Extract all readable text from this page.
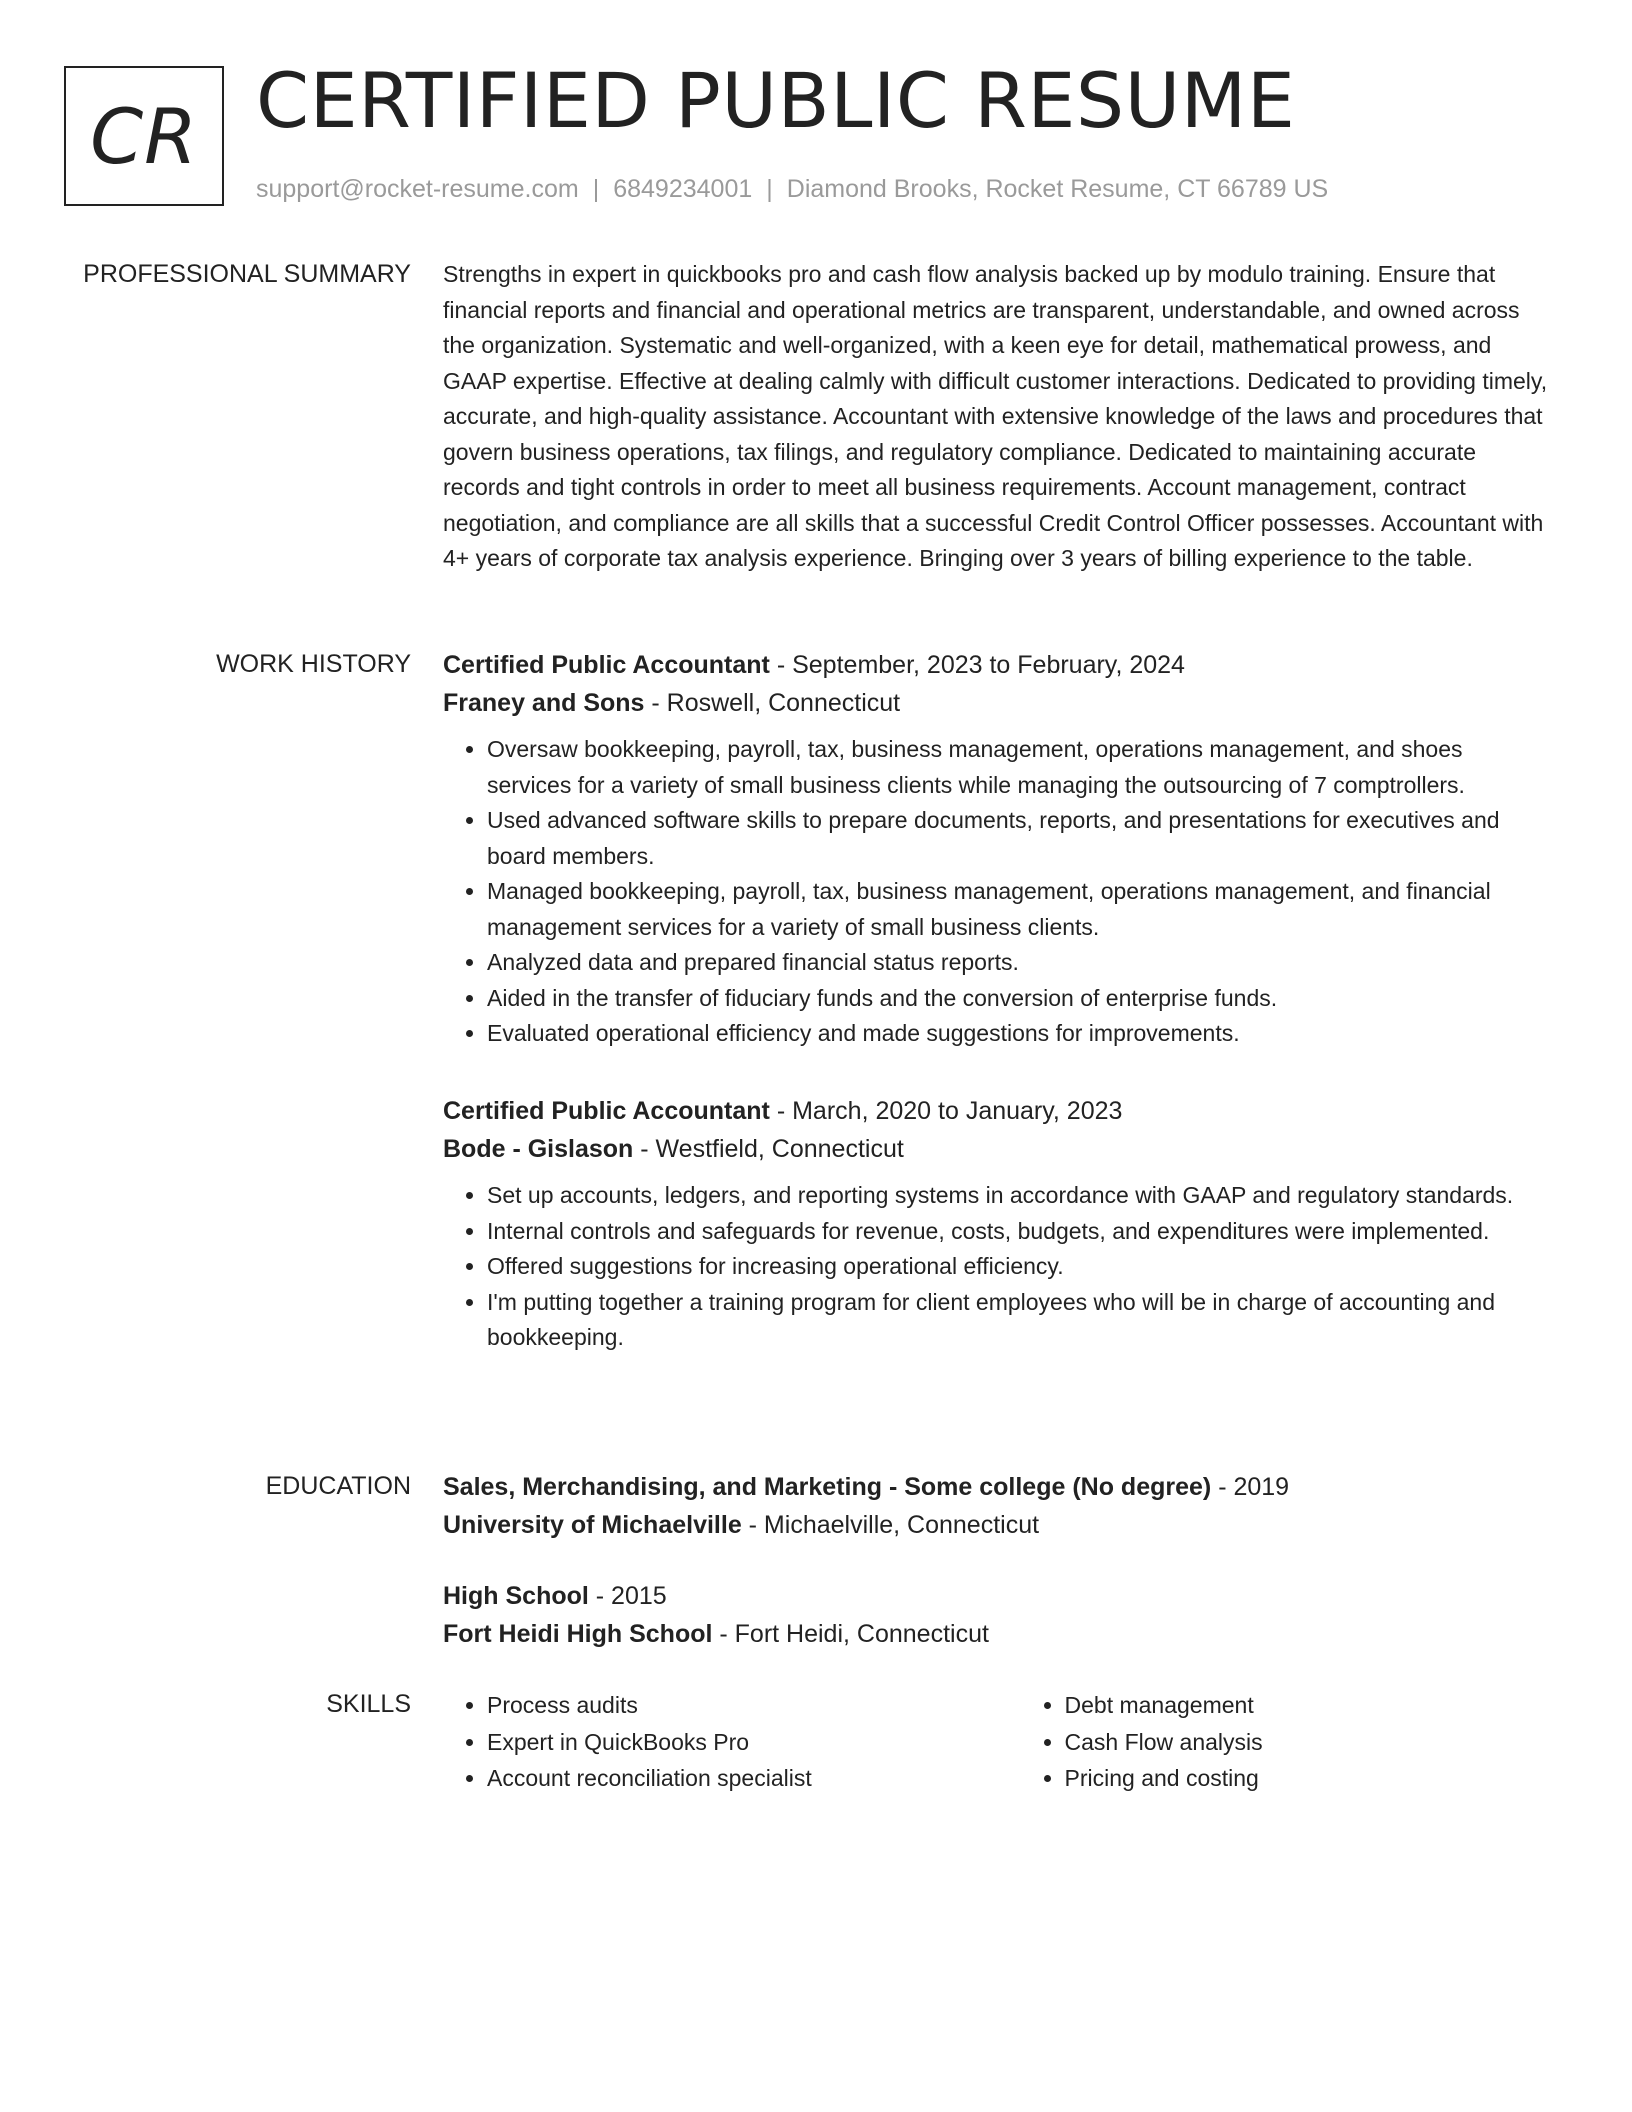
CR CERTIFIED PUBLIC RESUME
support@rocket-resume.com | 6849234001 | Diamond Brooks, Rocket Resume, CT 66789 US
PROFESSIONAL SUMMARY Strengths in expert in quickbooks pro and cash flow analysis backed up by modulo training. Ensure that financial reports and financial and operational metrics are transparent, understandable, and owned across the organization. Systematic and well-organized, with a keen eye for detail, mathematical prowess, and GAAP expertise. Effective at dealing calmly with difficult customer interactions. Dedicated to providing timely, accurate, and high-quality assistance. Accountant with extensive knowledge of the laws and procedures that govern business operations, tax filings, and regulatory compliance. Dedicated to maintaining accurate records and tight controls in order to meet all business requirements. Account management, contract negotiation, and compliance are all skills that a successful Credit Control Officer possesses. Accountant with 4+ years of corporate tax analysis experience. Bringing over 3 years of billing experience to the table.

WORK HISTORY Certified Public Accountant - September, 2023 to February, 2024
Franey and Sons - Roswell, Connecticut
• Oversaw bookkeeping, payroll, tax, business management, operations management, and shoes services for a variety of small business clients while managing the outsourcing of 7 comptrollers.
• Used advanced software skills to prepare documents, reports, and presentations for executives and board members.
• Managed bookkeeping, payroll, tax, business management, operations management, and financial management services for a variety of small business clients.
• Analyzed data and prepared financial status reports.
• Aided in the transfer of fiduciary funds and the conversion of enterprise funds.
• Evaluated operational efficiency and made suggestions for improvements.
Certified Public Accountant - March, 2020 to January, 2023
Bode - Gislason - Westfield, Connecticut
• Set up accounts, ledgers, and reporting systems in accordance with GAAP and regulatory standards.
• Internal controls and safeguards for revenue, costs, budgets, and expenditures were implemented.
• Offered suggestions for increasing operational efficiency.
• I'm putting together a training program for client employees who will be in charge of accounting and bookkeeping.
EDUCATION Sales, Merchandising, and Marketing - Some college (No degree) - 2019
University of Michaelville - Michaelville, Connecticut
High School - 2015
Fort Heidi High School - Fort Heidi, Connecticut
SKILLS
•	Process audits
• Expert in QuickBooks Pro
• Account reconciliation specialist
• Debt management
• Cash Flow analysis
• Pricing and costing
